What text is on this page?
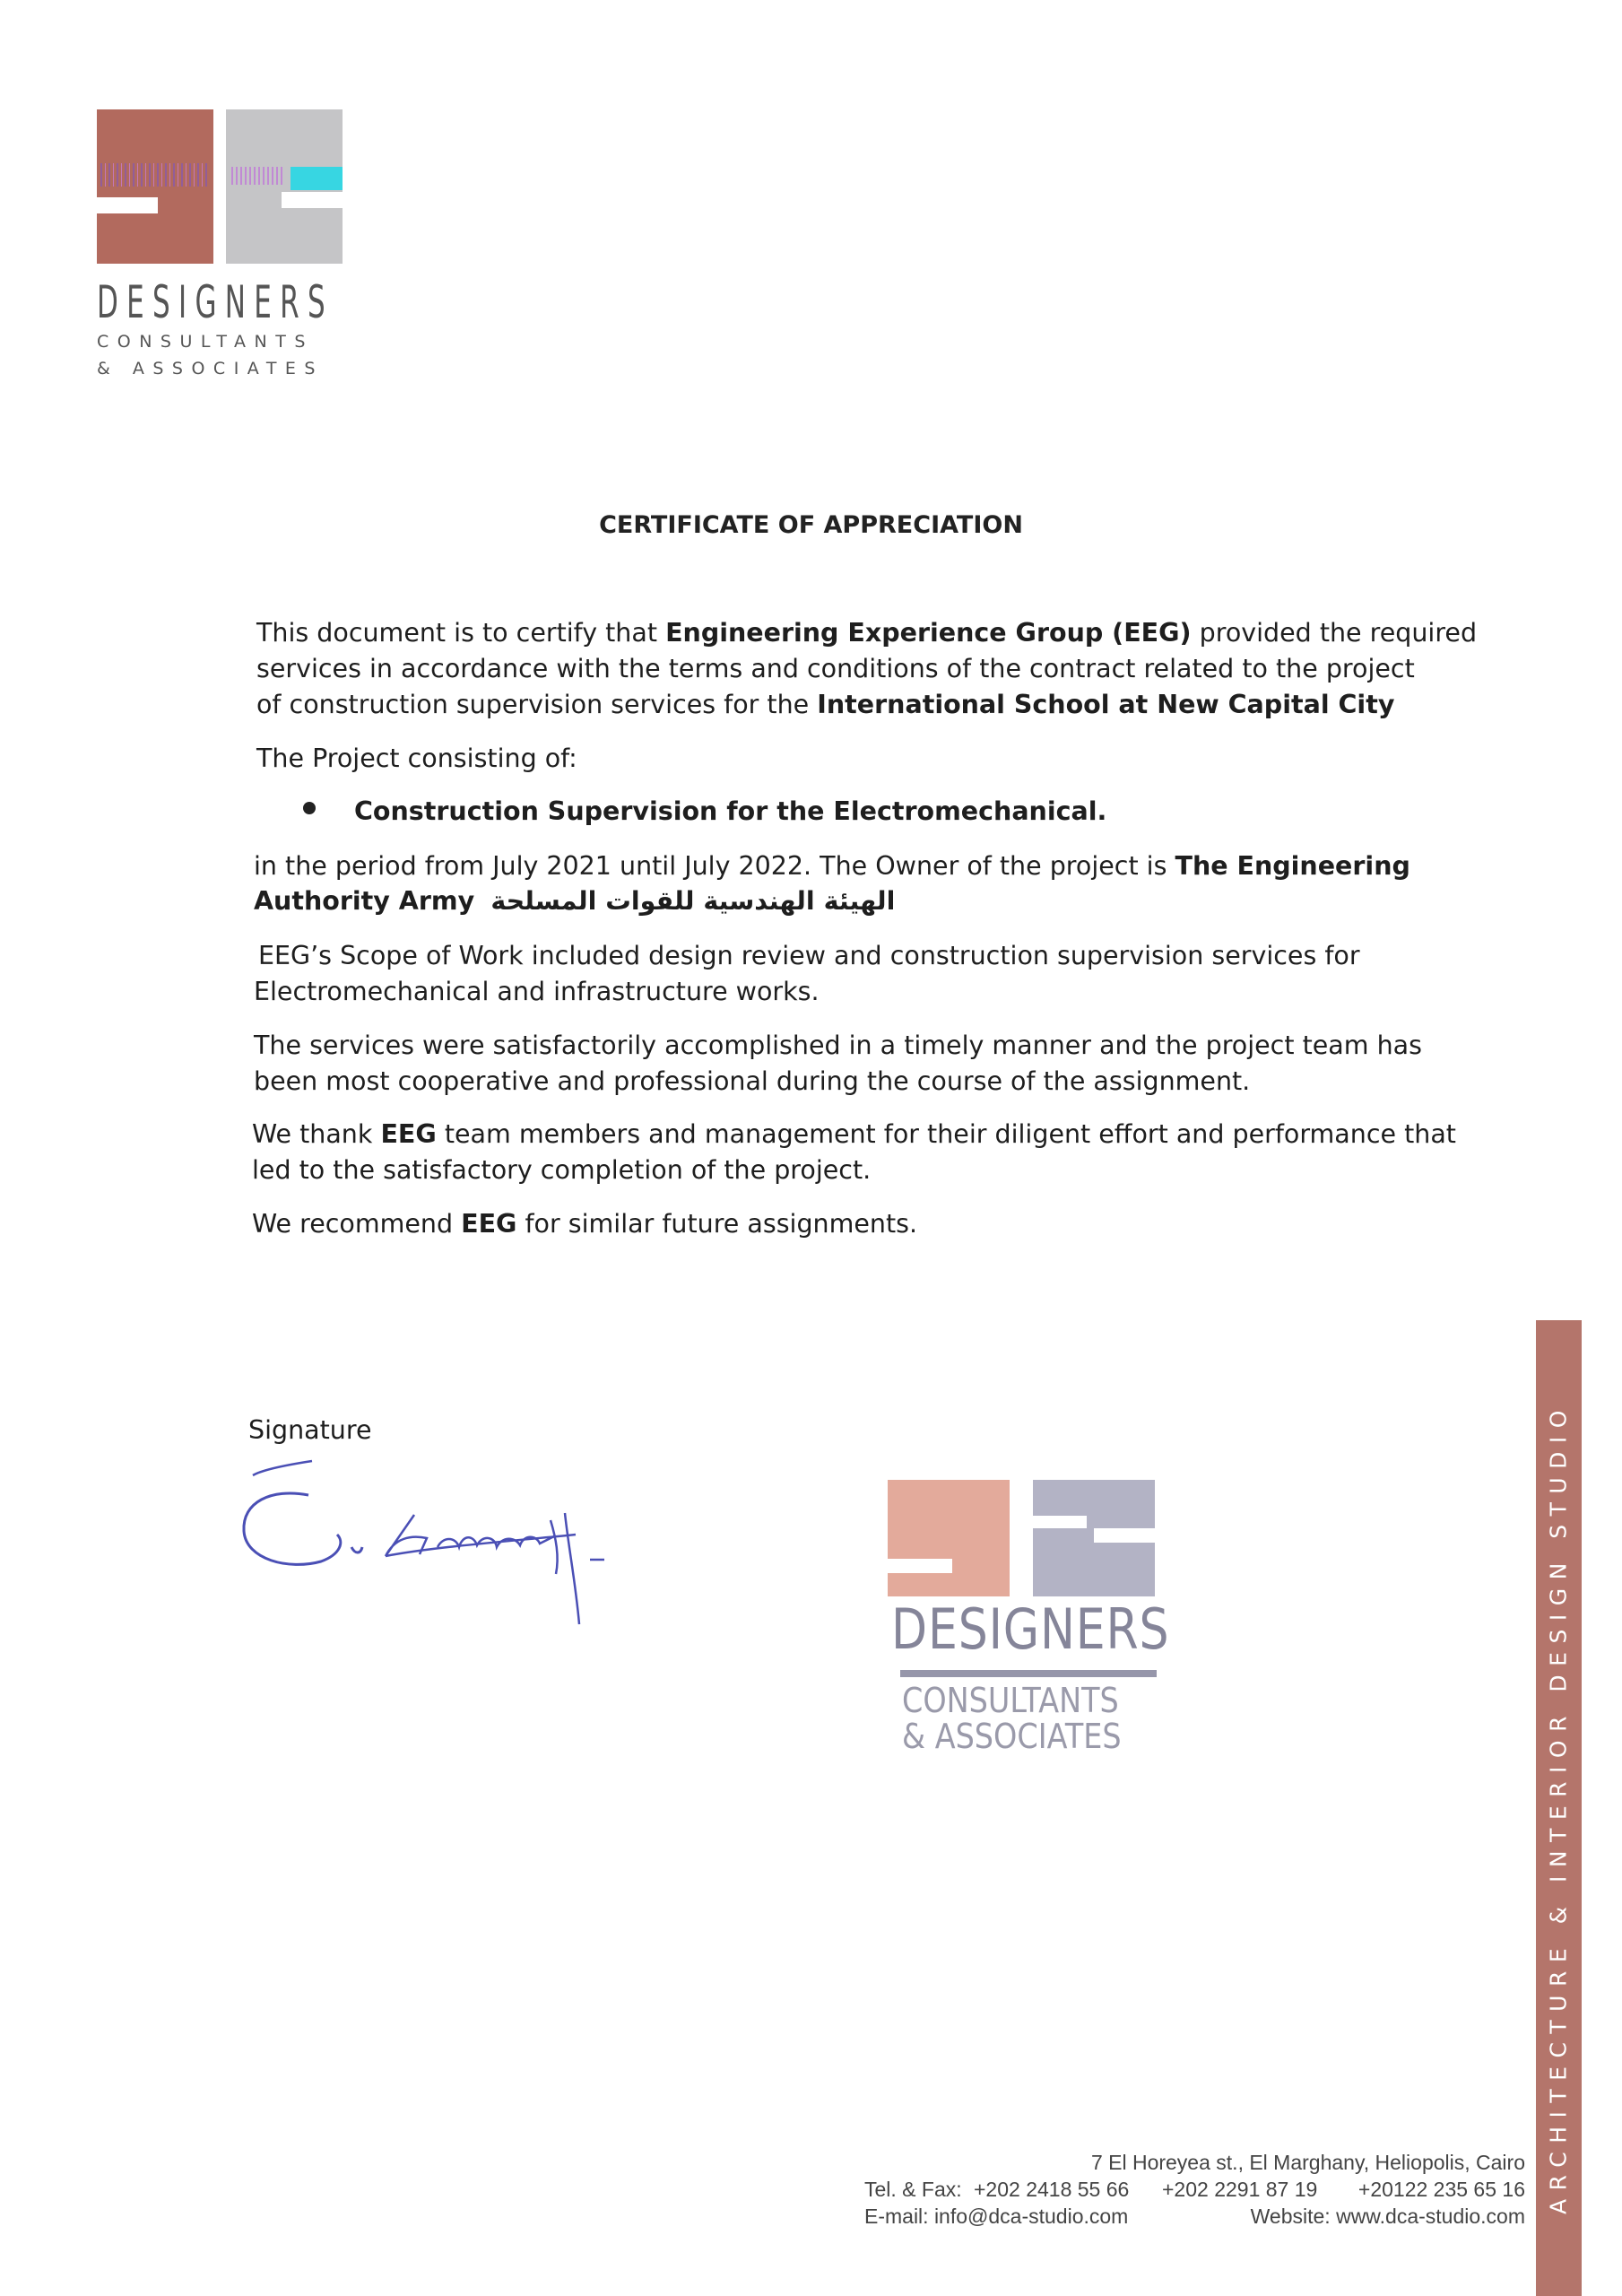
DESIGNERS
CONSULTANTS
& ASSOCIATES
CERTIFICATE OF APPRECIATION
This document is to certify that Engineering Experience Group (EEG) provided the required
services in accordance with the terms and conditions of the contract related to the project
of construction supervision services for the International School at New Capital City
The Project consisting of:
Construction Supervision for the Electromechanical.
in the period from July 2021 until July 2022. The Owner of the project is The Engineering
Authority Army الهيئة الهندسية للقوات المسلحة
EEG’s Scope of Work included design review and construction supervision services for
Electromechanical and infrastructure works.
The services were satisfactorily accomplished in a timely manner and the project team has
been most cooperative and professional during the course of the assignment.
We thank EEG team members and management for their diligent effort and performance that
led to the satisfactory completion of the project.
We recommend EEG for similar future assignments.
Signature
DESIGNERS
CONSULTANTS
& ASSOCIATES	ARCHITECTURE & INTERIOR DESIGN STUDIO
7 El Horeyea st., El Marghany, Heliopolis, Cairo
Tel. & Fax: +202 2418 55 66 +202 2291 87 19 +20122 235 65 16
E-mail: info@dca-studio.com	Website: www.dca-studio.com
